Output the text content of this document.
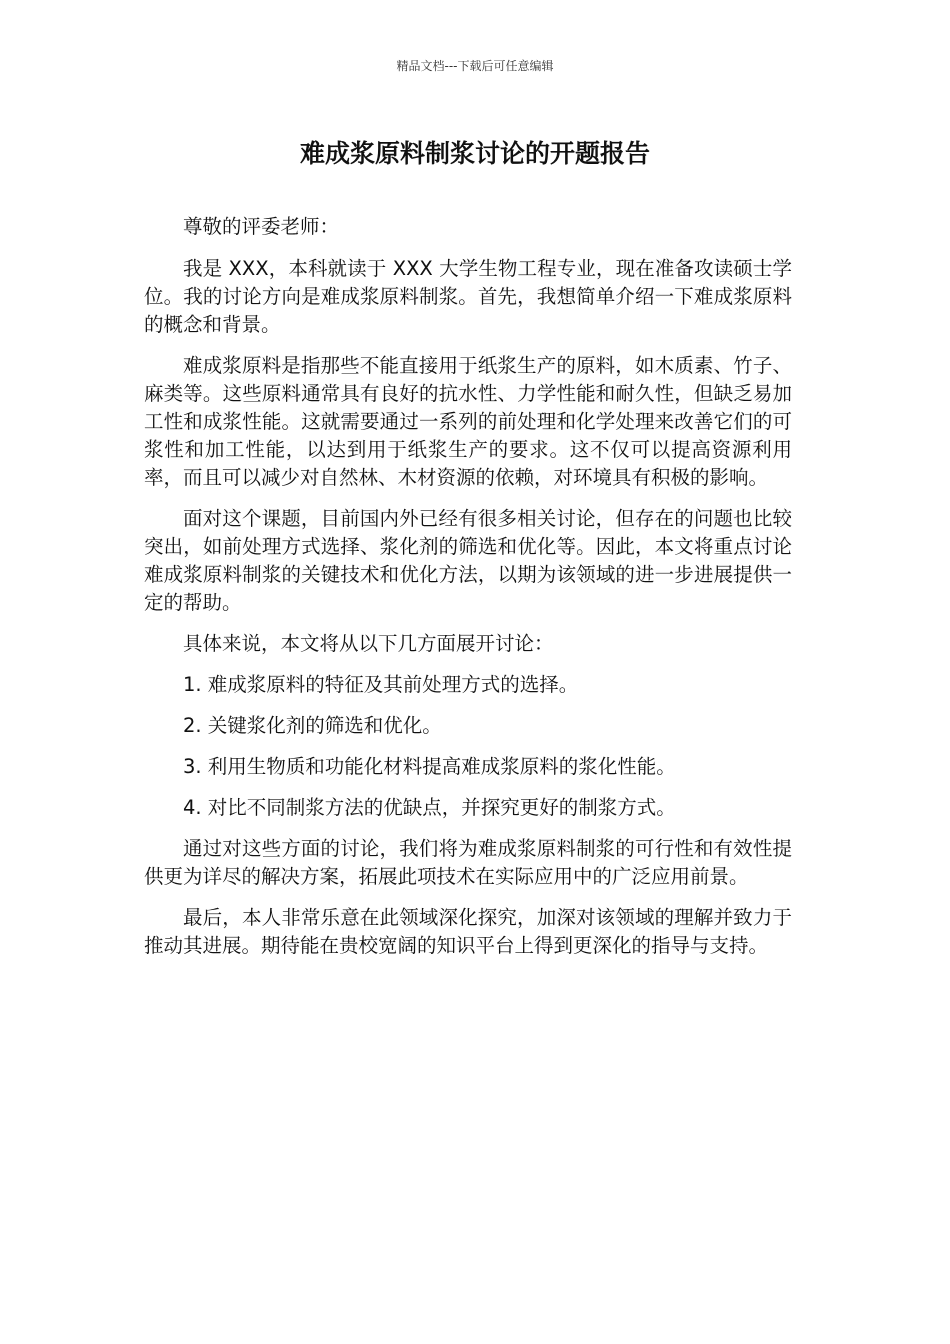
精品文档---下载后可任意编辑
难成浆原料制浆讨论的开题报告

尊敬的评委老师：

我是 XXX，本科就读于 XXX 大学生物工程专业，现在准备攻读硕士学位。我的讨论方向是难成浆原料制浆。首先，我想简单介绍一下难成浆原料的概念和背景。

难成浆原料是指那些不能直接用于纸浆生产的原料，如木质素、竹子、麻类等。这些原料通常具有良好的抗水性、力学性能和耐久性，但缺乏易加工性和成浆性能。这就需要通过一系列的前处理和化学处理来改善它们的可浆性和加工性能，以达到用于纸浆生产的要求。这不仅可以提高资源利用率，而且可以减少对自然林、木材资源的依赖，对环境具有积极的影响。

面对这个课题，目前国内外已经有很多相关讨论，但存在的问题也比较突出，如前处理方式选择、浆化剂的筛选和优化等。因此，本文将重点讨论难成浆原料制浆的关键技术和优化方法，以期为该领域的进一步进展提供一定的帮助。

具体来说，本文将从以下几方面展开讨论：

1. 难成浆原料的特征及其前处理方式的选择。

2. 关键浆化剂的筛选和优化。

3. 利用生物质和功能化材料提高难成浆原料的浆化性能。

4. 对比不同制浆方法的优缺点，并探究更好的制浆方式。

通过对这些方面的讨论，我们将为难成浆原料制浆的可行性和有效性提供更为详尽的解决方案，拓展此项技术在实际应用中的广泛应用前景。

最后，本人非常乐意在此领域深化探究，加深对该领域的理解并致力于推动其进展。期待能在贵校宽阔的知识平台上得到更深化的指导与支持。
